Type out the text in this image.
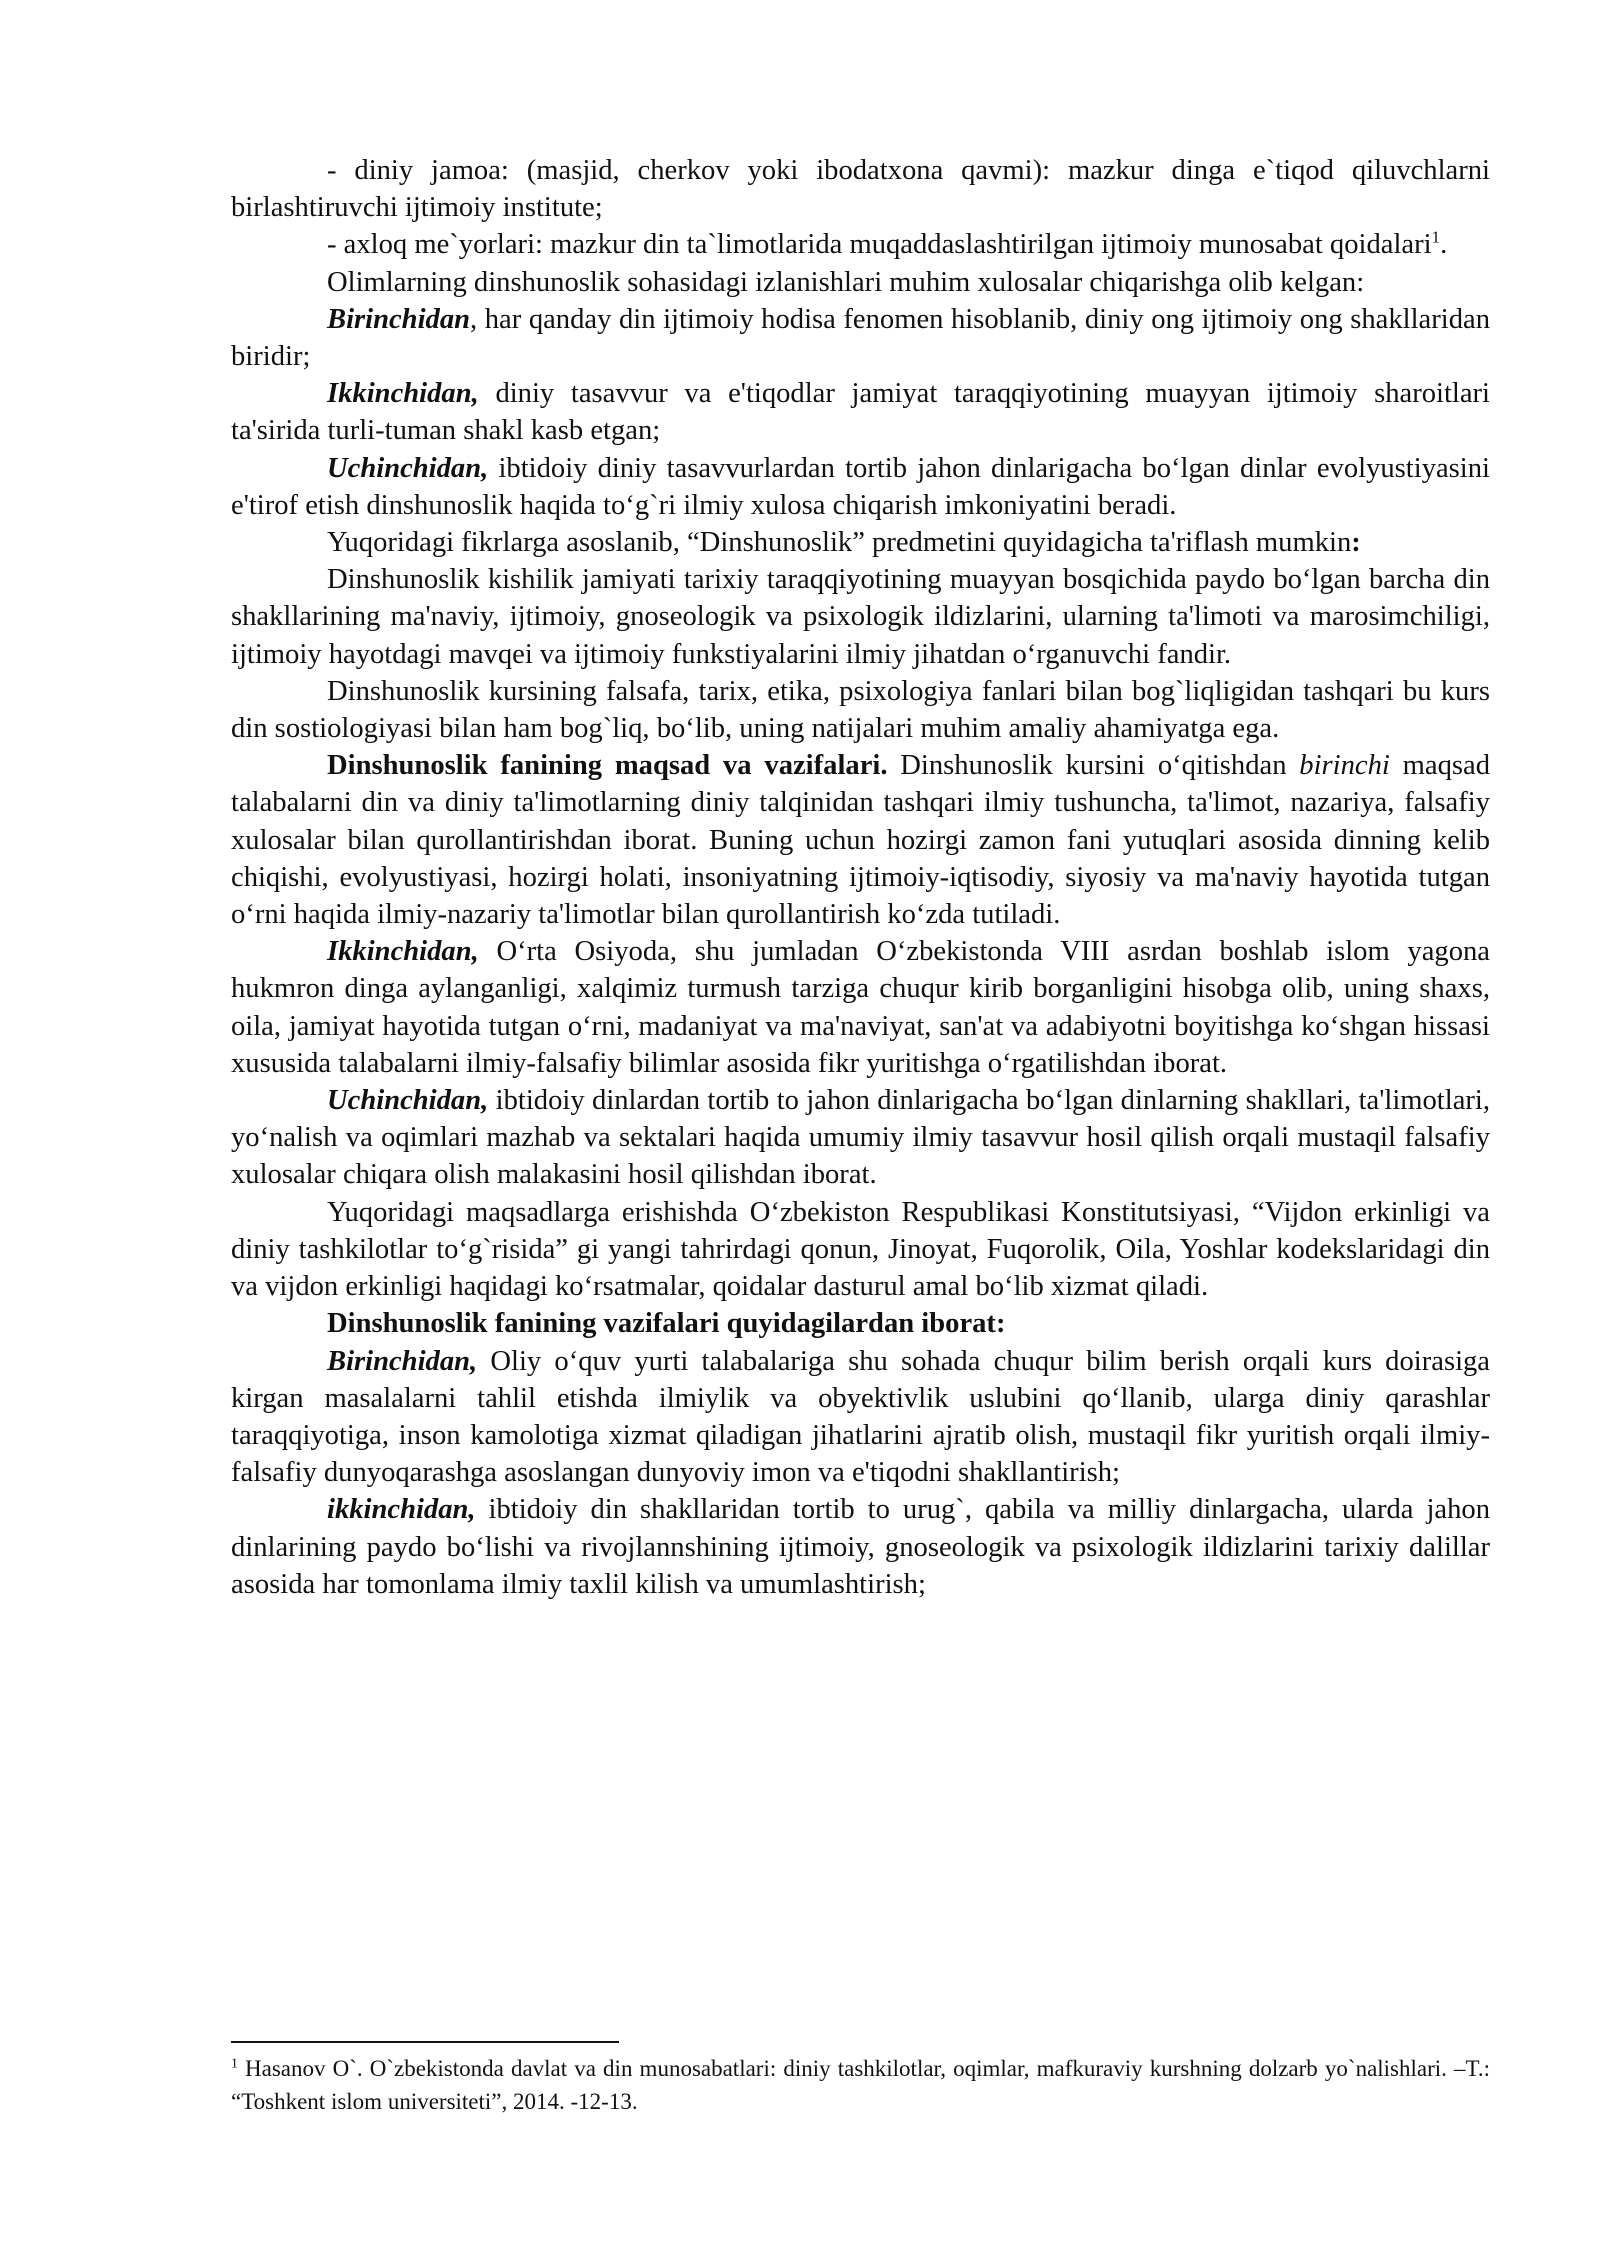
- diniy jamoa: (masjid, cherkov yoki ibodatxona qavmi): mazkur dinga e`tiqod qiluvchlarni birlashtiruvchi ijtimoiy institute;

- axloq me`yorlari: mazkur din ta`limotlarida muqaddaslashtirilgan ijtimoiy munosabat qoidalari$^1$.

Olimlarning dinshunoslik sohasidagi izlanishlari muhim xulosalar chiqarishga olib kelgan:

Birinchidan, har qanday din ijtimoiy hodisa fenomen hisoblanib, diniy ong ijtimoiy ong shakllaridan biridir;

Ikkinchidan, diniy tasavvur va e'tiqodlar jamiyat taraqqiyotining muayyan ijtimoiy sharoitlari ta'sirida turli-tuman shakl kasb etgan;

Uchinchidan, ibtidoiy diniy tasavvurlardan tortib jahon dinlarigacha bo‘lgan dinlar evolyustiyasini e'tirof etish dinshunoslik haqida to‘g`ri ilmiy xulosa chiqarish imkoniyatini beradi.

Yuqoridagi fikrlarga asoslanib, “Dinshunoslik” predmetini quyidagicha ta'riflash mumkin:

Dinshunoslik kishilik jamiyati tarixiy taraqqiyotining muayyan bosqichida paydo bo‘lgan barcha din shakllarining ma'naviy, ijtimoiy, gnoseologik va psixologik ildizlarini, ularning ta'limoti va marosimchiligi, ijtimoiy hayotdagi mavqei va ijtimoiy funkstiyalarini ilmiy jihatdan o‘rganuvchi fandir.

Dinshunoslik kursining falsafa, tarix, etika, psixologiya fanlari bilan bog`liqligidan tashqari bu kurs din sostiologiyasi bilan ham bog`liq, bo‘lib, uning natijalari muhim amaliy ahamiyatga ega.

Dinshunoslik fanining maqsad va vazifalari. Dinshunoslik kursini o‘qitishdan birinchi maqsad talabalarni din va diniy ta'limotlarning diniy talqinidan tashqari ilmiy tushuncha, ta'limot, nazariya, falsafiy xulosalar bilan qurollantirishdan iborat. Buning uchun hozirgi zamon fani yutuqlari asosida dinning kelib chiqishi, evolyustiyasi, hozirgi holati, insoniyatning ijtimoiy-iqtisodiy, siyosiy va ma'naviy hayotida tutgan o‘rni haqida ilmiy-nazariy ta'limotlar bilan qurollantirish ko‘zda tutiladi.

Ikkinchidan, O‘rta Osiyoda, shu jumladan O‘zbekistonda VIII asrdan boshlab islom yagona hukmron dinga aylanganligi, xalqimiz turmush tarziga chuqur kirib borganligini hisobga olib, uning shaxs, oila, jamiyat hayotida tutgan o‘rni, madaniyat va ma'naviyat, san'at va adabiyotni boyitishga ko‘shgan hissasi xususida talabalarni ilmiy-falsafiy bilimlar asosida fikr yuritishga o‘rgatilishdan iborat.

Uchinchidan, ibtidoiy dinlardan tortib to jahon dinlarigacha bo‘lgan dinlarning shakllari, ta'limotlari, yo‘nalish va oqimlari mazhab va sektalari haqida umumiy ilmiy tasavvur hosil qilish orqali mustaqil falsafiy xulosalar chiqara olish malakasini hosil qilishdan iborat.

Yuqoridagi maqsadlarga erishishda O‘zbekiston Respublikasi Konstitutsiyasi, “Vijdon erkinligi va diniy tashkilotlar to‘g`risida” gi yangi tahrirdagi qonun, Jinoyat, Fuqorolik, Oila, Yoshlar kodekslaridagi din va vijdon erkinligi haqidagi ko‘rsatmalar, qoidalar dasturul amal bo‘lib xizmat qiladi.

Dinshunoslik fanining vazifalari quyidagilardan iborat:

Birinchidan, Oliy o‘quv yurti talabalariga shu sohada chuqur bilim berish orqali kurs doirasiga kirgan masalalarni tahlil etishda ilmiylik va obyektivlik uslubini qo‘llanib, ularga diniy qarashlar taraqqiyotiga, inson kamolotiga xizmat qiladigan jihatlarini ajratib olish, mustaqil fikr yuritish orqali ilmiy-falsafiy dunyoqarashga asoslangan dunyoviy imon va e'tiqodni shakllantirish;

ikkinchidan, ibtidoiy din shakllaridan tortib to urug`, qabila va milliy dinlargacha, ularda jahon dinlarining paydo bo‘lishi va rivojlannshining ijtimoiy, gnoseologik va psixologik ildizlarini tarixiy dalillar asosida har tomonlama ilmiy taxlil kilish va umumlashtirish;

$^1$ Hasanov O`. O`zbekistonda davlat va din munosabatlari: diniy tashkilotlar, oqimlar, mafkuraviy kurshning dolzarb yo`nalishlari. –T.: “Toshkent islom universiteti”, 2014. -12-13.
